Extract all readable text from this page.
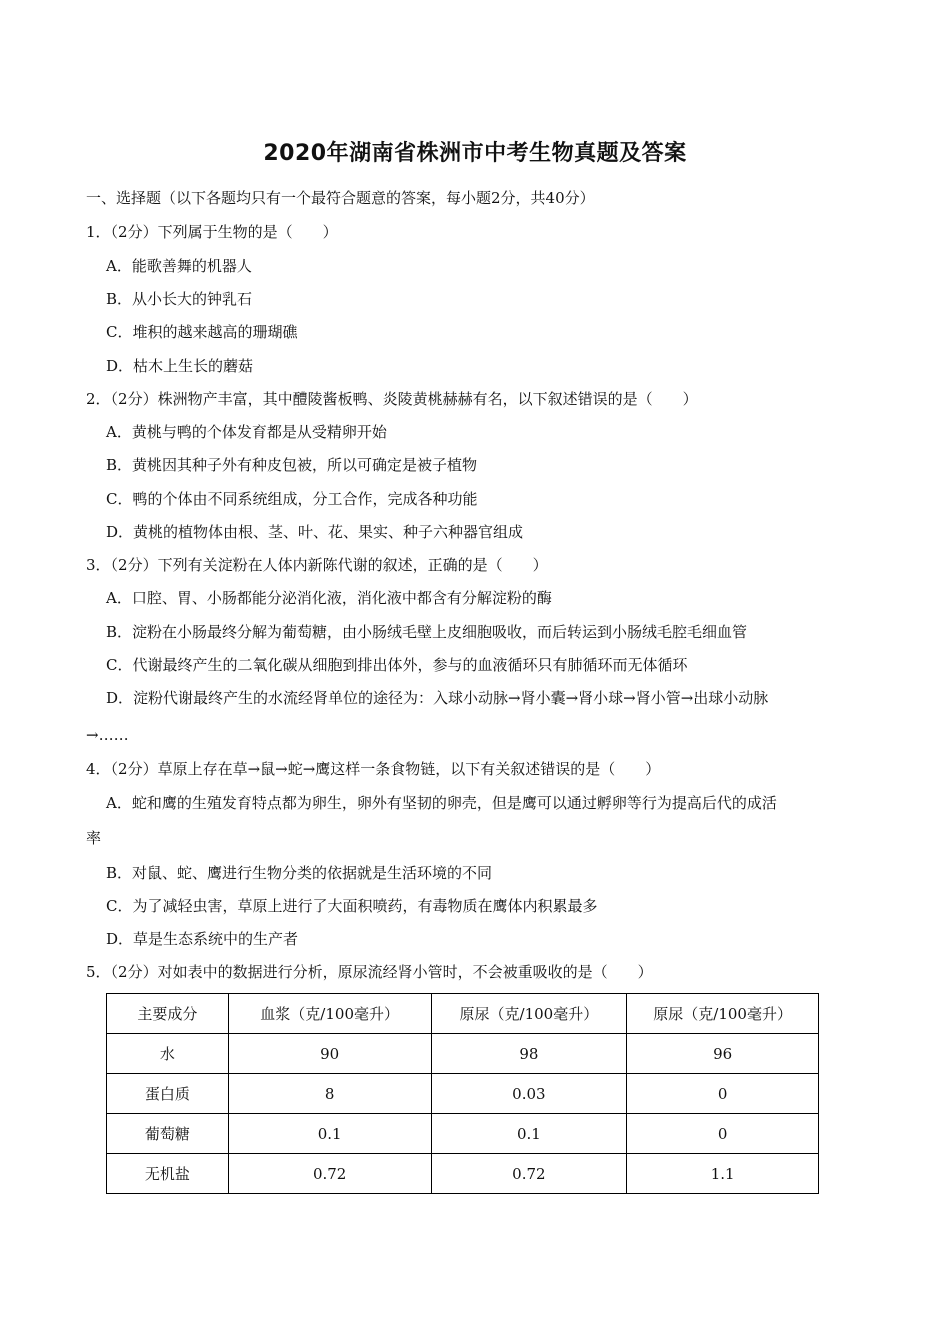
2020年湖南省株洲市中考生物真题及答案
一、选择题（以下各题均只有一个最符合题意的答案，每小题2分，共40分）
1．（2分）下列属于生物的是（　　）
A．能歌善舞的机器人
B．从小长大的钟乳石
C．堆积的越来越高的珊瑚礁
D．枯木上生长的蘑菇
2．（2分）株洲物产丰富，其中醴陵酱板鸭、炎陵黄桃赫赫有名，以下叙述错误的是（　　）
A．黄桃与鸭的个体发育都是从受精卵开始
B．黄桃因其种子外有种皮包被，所以可确定是被子植物
C．鸭的个体由不同系统组成，分工合作，完成各种功能
D．黄桃的植物体由根、茎、叶、花、果实、种子六种器官组成
3．（2分）下列有关淀粉在人体内新陈代谢的叙述，正确的是（　　）
A．口腔、胃、小肠都能分泌消化液，消化液中都含有分解淀粉的酶
B．淀粉在小肠最终分解为葡萄糖，由小肠绒毛壁上皮细胞吸收，而后转运到小肠绒毛腔毛细血管
C．代谢最终产生的二氧化碳从细胞到排出体外，参与的血液循环只有肺循环而无体循环
D．淀粉代谢最终产生的水流经肾单位的途径为：入球小动脉→肾小囊→肾小球→肾小管→出球小动脉
→……
4．（2分）草原上存在草→鼠→蛇→鹰这样一条食物链，以下有关叙述错误的是（　　）
A．蛇和鹰的生殖发育特点都为卵生，卵外有坚韧的卵壳，但是鹰可以通过孵卵等行为提高后代的成活
率
B．对鼠、蛇、鹰进行生物分类的依据就是生活环境的不同
C．为了减轻虫害，草原上进行了大面积喷药，有毒物质在鹰体内积累最多
D．草是生态系统中的生产者
5．（2分）对如表中的数据进行分析，原尿流经肾小管时，不会被重吸收的是（　　）
主要成分	血浆（克/100毫升）	原尿（克/100毫升）	原尿（克/100毫升）
水	90	98	96
蛋白质	8	0.03	0
葡萄糖	0.1	0.1	0
无机盐	0.72	0.72	1.1
